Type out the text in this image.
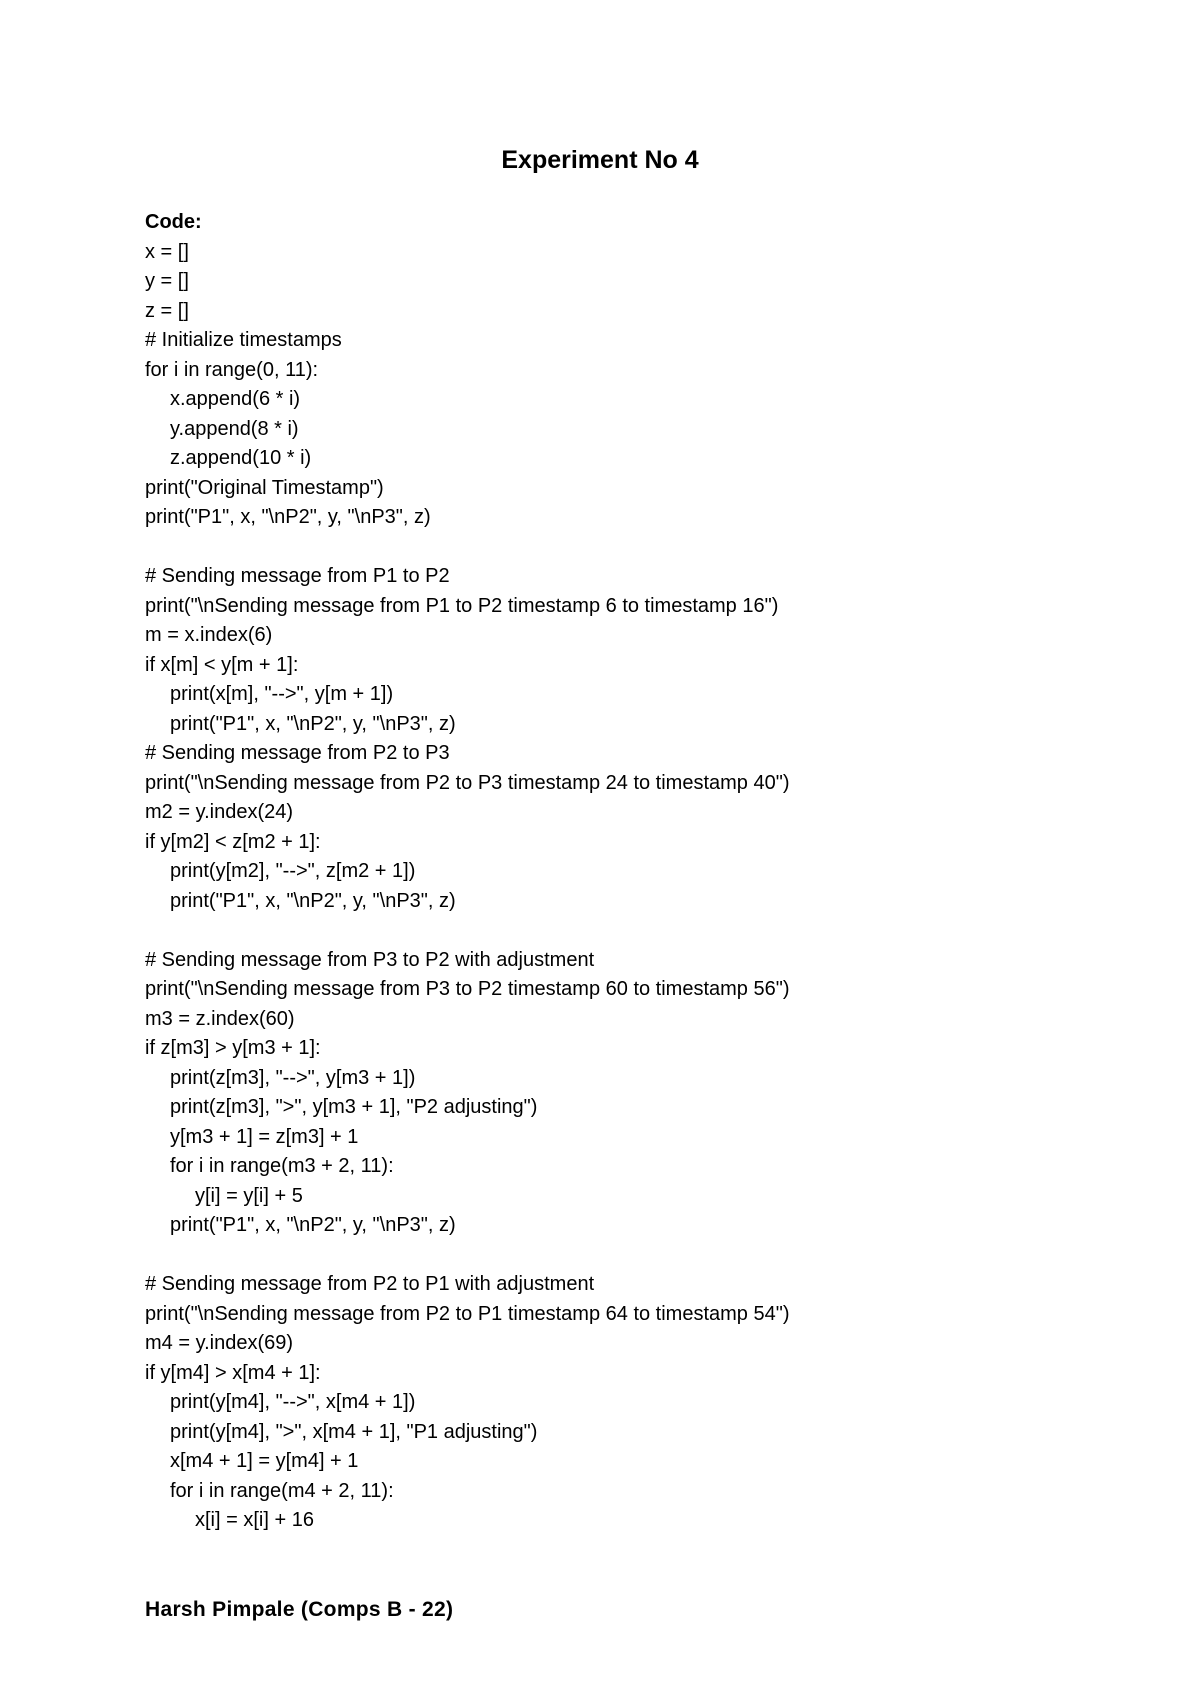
Experiment No 4
Code:
x = []
y = []
z = []
# Initialize timestamps
for i in range(0, 11):
x.append(6 * i)
y.append(8 * i)
z.append(10 * i)
print("Original Timestamp")
print("P1", x, "\nP2", y, "\nP3", z)
# Sending message from P1 to P2
print("\nSending message from P1 to P2 timestamp 6 to timestamp 16")
m = x.index(6)
if x[m] < y[m + 1]:
print(x[m], "-->", y[m + 1])
print("P1", x, "\nP2", y, "\nP3", z)
# Sending message from P2 to P3
print("\nSending message from P2 to P3 timestamp 24 to timestamp 40")
m2 = y.index(24)
if y[m2] < z[m2 + 1]:
print(y[m2], "-->", z[m2 + 1])
print("P1", x, "\nP2", y, "\nP3", z)
# Sending message from P3 to P2 with adjustment
print("\nSending message from P3 to P2 timestamp 60 to timestamp 56")
m3 = z.index(60)
if z[m3] > y[m3 + 1]:
print(z[m3], "-->", y[m3 + 1])
print(z[m3], ">", y[m3 + 1], "P2 adjusting")
y[m3 + 1] = z[m3] + 1
for i in range(m3 + 2, 11):
y[i] = y[i] + 5
print("P1", x, "\nP2", y, "\nP3", z)
# Sending message from P2 to P1 with adjustment
print("\nSending message from P2 to P1 timestamp 64 to timestamp 54")
m4 = y.index(69)
if y[m4] > x[m4 + 1]:
print(y[m4], "-->", x[m4 + 1])
print(y[m4], ">", x[m4 + 1], "P1 adjusting")
x[m4 + 1] = y[m4] + 1
for i in range(m4 + 2, 11):
x[i] = x[i] + 16
Harsh Pimpale (Comps B - 22)
